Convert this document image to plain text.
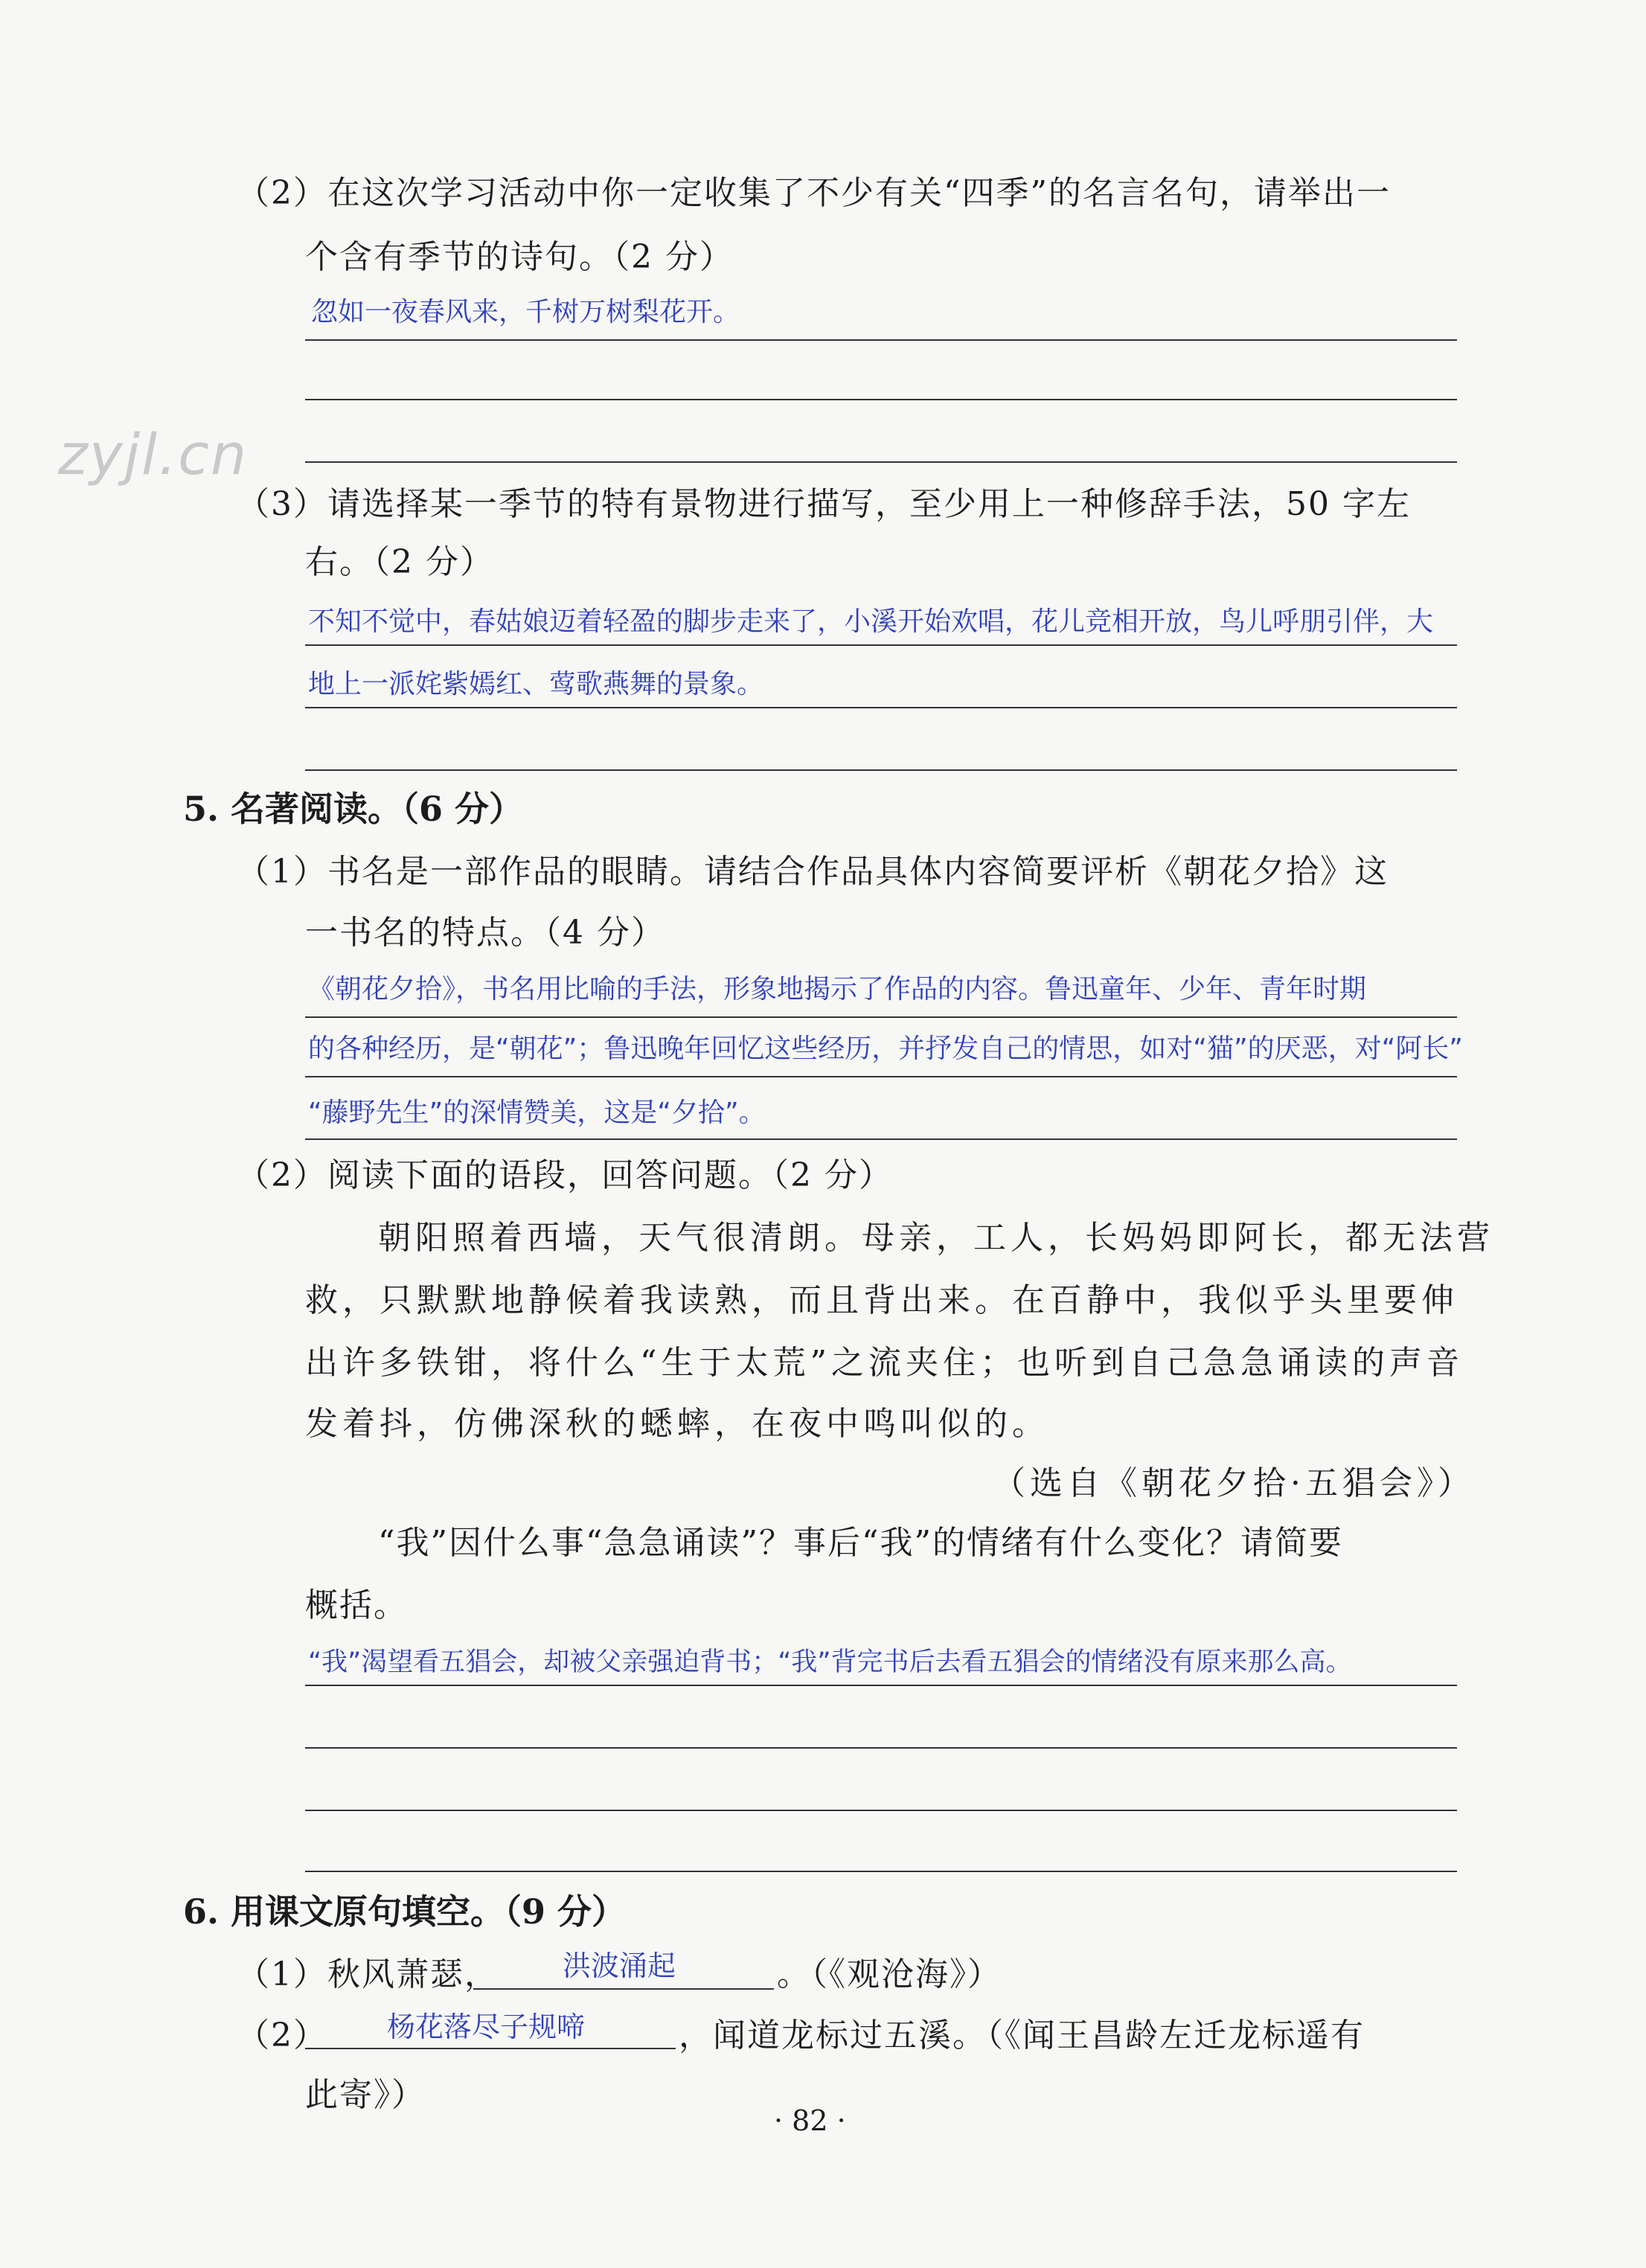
zyjl.cn
（2）在这次学习活动中你一定收集了不少有关“四季”的名言名句，请举出一
个含有季节的诗句。（2 分）
忽如一夜春风来，千树万树梨花开。
（3）请选择某一季节的特有景物进行描写，至少用上一种修辞手法，50 字左
右。（2 分）
不知不觉中，春姑娘迈着轻盈的脚步走来了，小溪开始欢唱，花儿竞相开放，鸟儿呼朋引伴，大
地上一派姹紫嫣红、莺歌燕舞的景象。
5. 名著阅读。（6 分）
（1）书名是一部作品的眼睛。请结合作品具体内容简要评析《朝花夕拾》这
一书名的特点。（4 分）
《朝花夕拾》，书名用比喻的手法，形象地揭示了作品的内容。鲁迅童年、少年、青年时期
的各种经历，是“朝花”；鲁迅晚年回忆这些经历，并抒发自己的情思，如对“猫”的厌恶，对“阿长”
“藤野先生”的深情赞美，这是“夕拾”。
（2）阅读下面的语段，回答问题。（2 分）
朝阳照着西墙，天气很清朗。母亲，工人，长妈妈即阿长，都无法营
救，只默默地静候着我读熟，而且背出来。在百静中，我似乎头里要伸
出许多铁钳，将什么“生于太荒”之流夹住；也听到自己急急诵读的声音
发着抖，仿佛深秋的蟋蟀，在夜中鸣叫似的。
（选自《朝花夕拾·五猖会》）
“我”因什么事“急急诵读”？事后“我”的情绪有什么变化？请简要
概括。
“我”渴望看五猖会，却被父亲强迫背书；“我”背完书后去看五猖会的情绪没有原来那么高。
6. 用课文原句填空。（9 分）
（1）秋风萧瑟， 洪波涌起	。（《观沧海》）
（2） 杨花落尽子规啼	，闻道龙标过五溪。（《闻王昌龄左迁龙标遥有
此寄》）
· 82 ·
